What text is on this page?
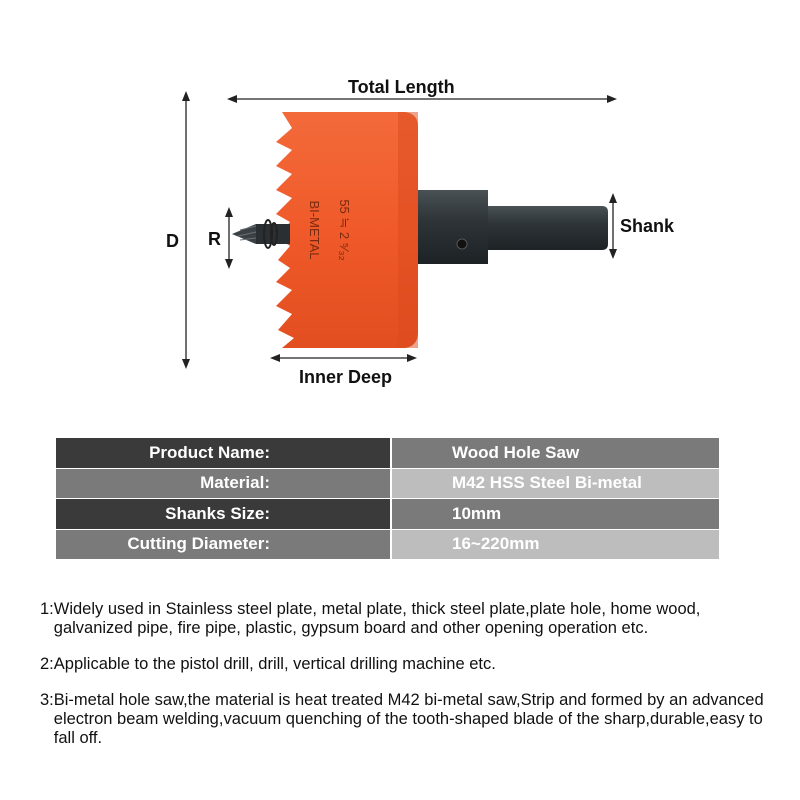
BI-METAL 55 ≒ 2 ⁵⁄₃₂
Total Length
D R
Shank
Inner Deep
Product Name:	Wood Hole Saw
Material:	M42 HSS Steel Bi-metal
Shanks Size:	10mm
Cutting Diameter:	16~220mm
1: Widely used in Stainless steel plate, metal plate, thick steel plate,plate hole, home wood, galvanized pipe, fire pipe, plastic, gypsum board and other opening operation etc.
2: Applicable to the pistol drill, drill, vertical drilling machine etc.
3: Bi-metal hole saw,the material is heat treated M42 bi-metal saw,Strip and formed by an advanced electron beam welding,vacuum quenching of the tooth-shaped blade of the sharp,durable,easy to fall off.
